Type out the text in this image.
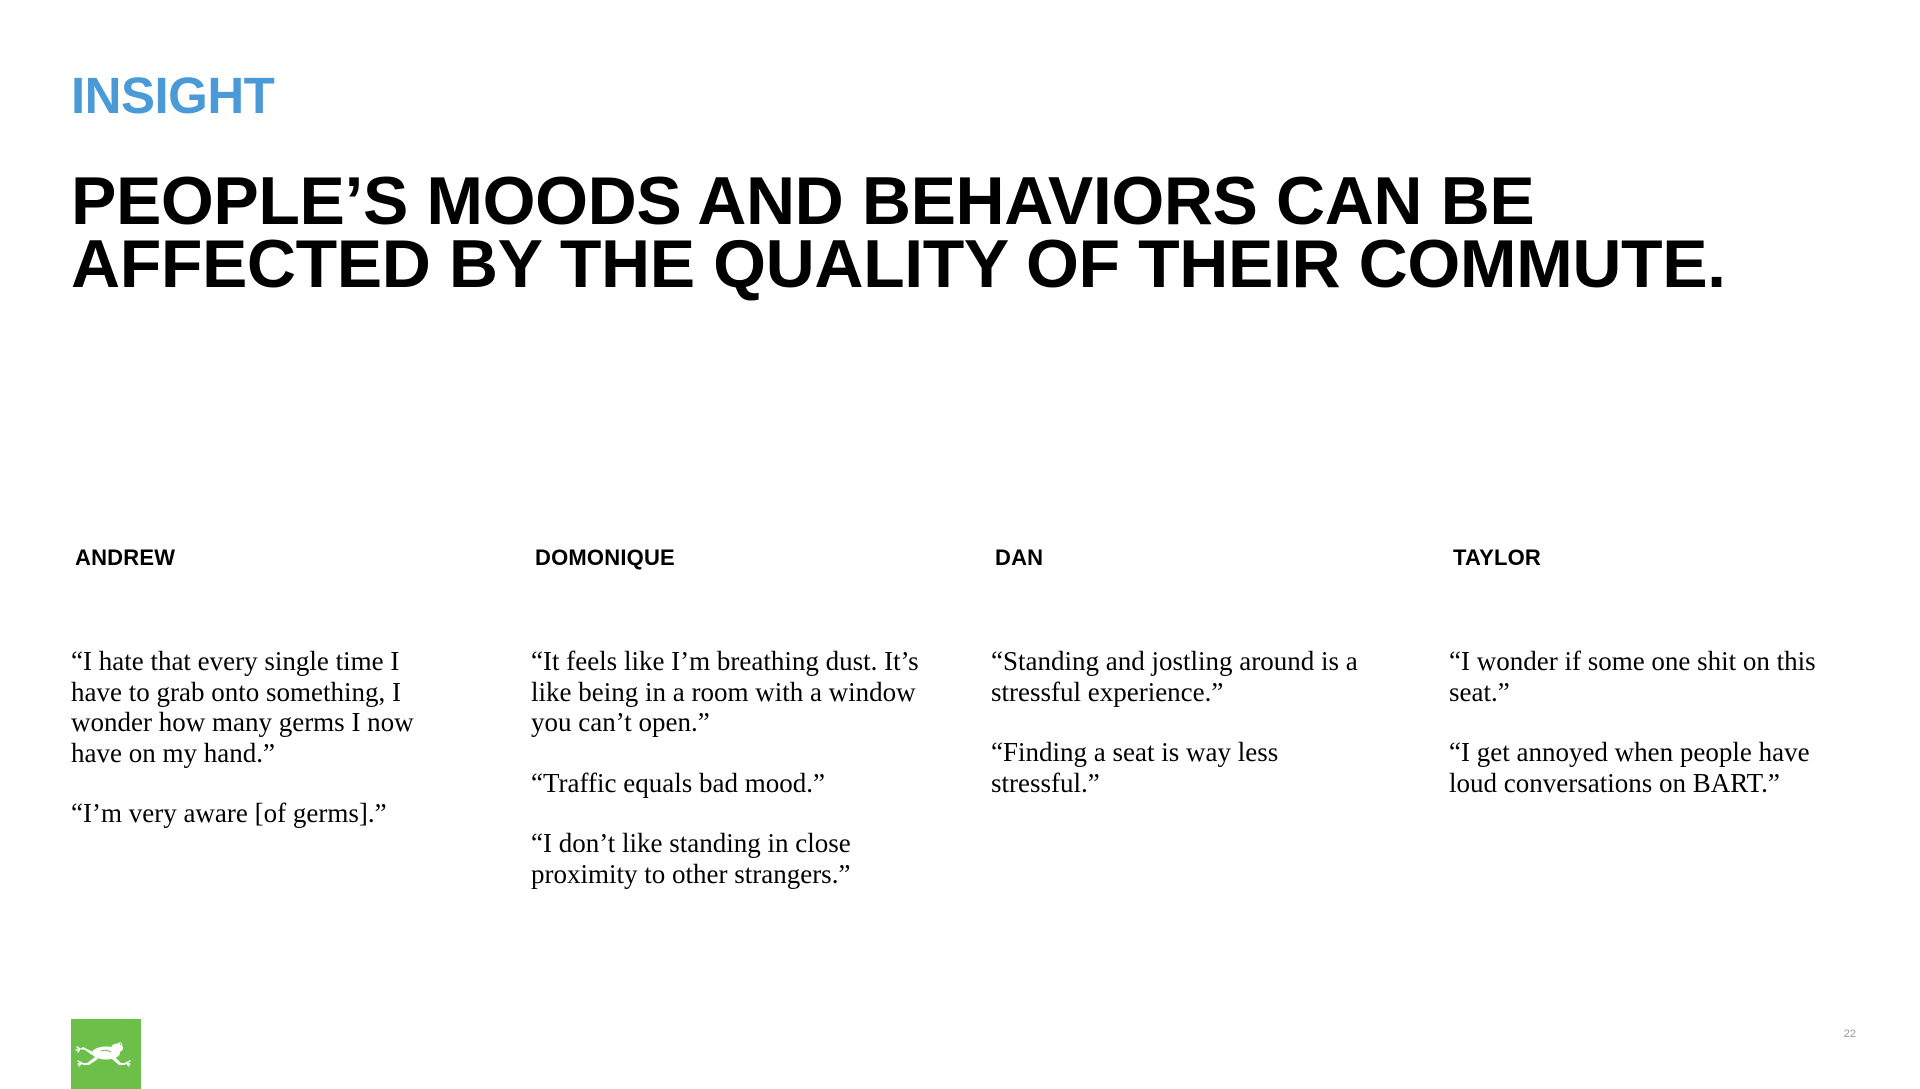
INSIGHT
PEOPLE’S MOODS AND BEHAVIORS CAN BE
AFFECTED BY THE QUALITY OF THEIR COMMUTE.
ANDREW

“I hate that every single time I have to grab onto something, I wonder how many germs I now have on my hand.”

“I’m very aware [of germs].”

DOMONIQUE

“It feels like I’m breathing dust. It’s like being in a room with a window you can’t open.”

“Traffic equals bad mood.”

“I don’t like standing in close proximity to other strangers.”

DAN

“Standing and jostling around is a stressful experience.”

“Finding a seat is way less stressful.”

TAYLOR

“I wonder if some one shit on this seat.”

“I get annoyed when people have loud conversations on BART.”

22
